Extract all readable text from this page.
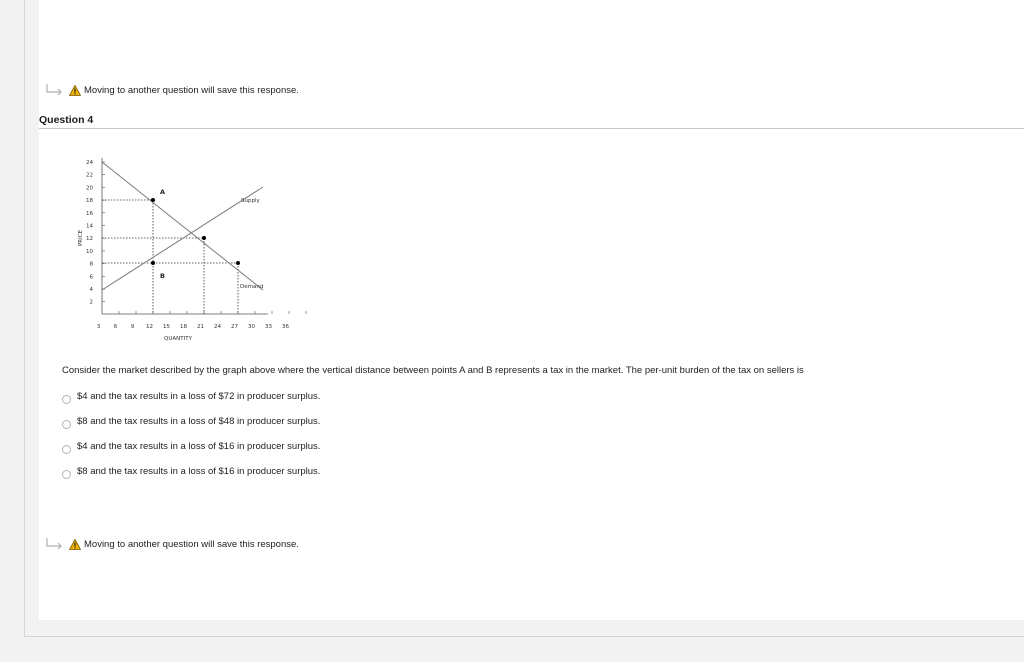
Moving to another question will save this response.
Question 4
24
22
20
18
16
14
12
10
8
6
4
2
3 6 9 12 15 18 21 24 27 30 33 36
PRICE
QUANTITY
A
B
Supply
Demand
Consider the market described by the graph above where the vertical distance between points A and B represents a tax in the market. The per-unit burden of the tax on sellers is
$4 and the tax results in a loss of $72 in producer surplus.
$8 and the tax results in a loss of $48 in producer surplus.
$4 and the tax results in a loss of $16 in producer surplus.
$8 and the tax results in a loss of $16 in producer surplus.
Moving to another question will save this response.
